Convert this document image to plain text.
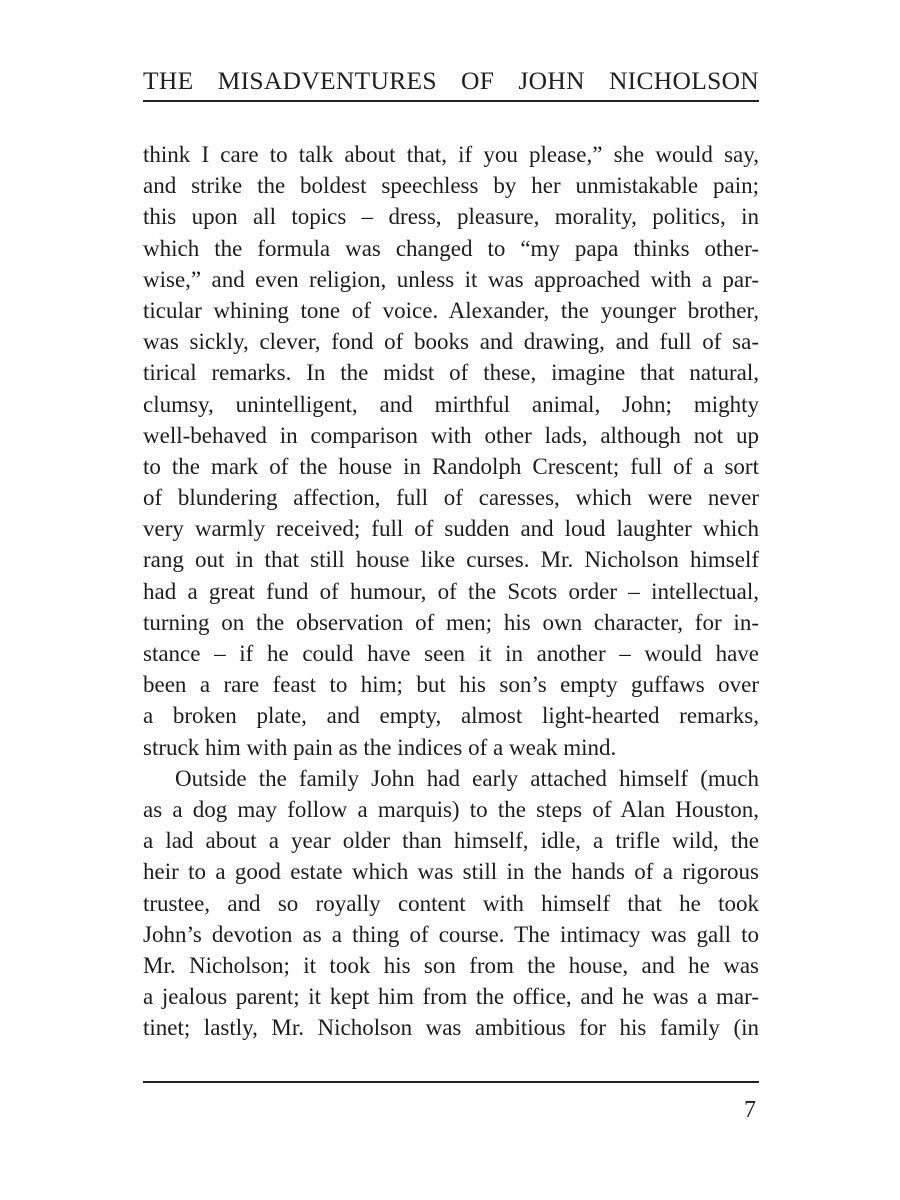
THE MISADVENTURES OF JOHN NICHOLSON
think I care to talk about that, if you please,” she would say,
and strike the boldest speechless by her unmistakable pain;
this upon all topics – dress, pleasure, morality, politics, in
which the formula was changed to “my papa thinks other-
wise,” and even religion, unless it was approached with a par-
ticular whining tone of voice. Alexander, the younger brother,
was sickly, clever, fond of books and drawing, and full of sa-
tirical remarks. In the midst of these, imagine that natural,
clumsy, unintelligent, and mirthful animal, John; mighty
well-behaved in comparison with other lads, although not up
to the mark of the house in Randolph Crescent; full of a sort
of blundering affection, full of caresses, which were never
very warmly received; full of sudden and loud laughter which
rang out in that still house like curses. Mr. Nicholson himself
had a great fund of humour, of the Scots order – intellectual,
turning on the observation of men; his own character, for in-
stance – if he could have seen it in another – would have
been a rare feast to him; but his son’s empty guffaws over
a broken plate, and empty, almost light-hearted remarks,
struck him with pain as the indices of a weak mind.
Outside the family John had early attached himself (much
as a dog may follow a marquis) to the steps of Alan Houston,
a lad about a year older than himself, idle, a trifle wild, the
heir to a good estate which was still in the hands of a rigorous
trustee, and so royally content with himself that he took
John’s devotion as a thing of course. The intimacy was gall to
Mr. Nicholson; it took his son from the house, and he was
a jealous parent; it kept him from the office, and he was a mar-
tinet; lastly, Mr. Nicholson was ambitious for his family (in
7
